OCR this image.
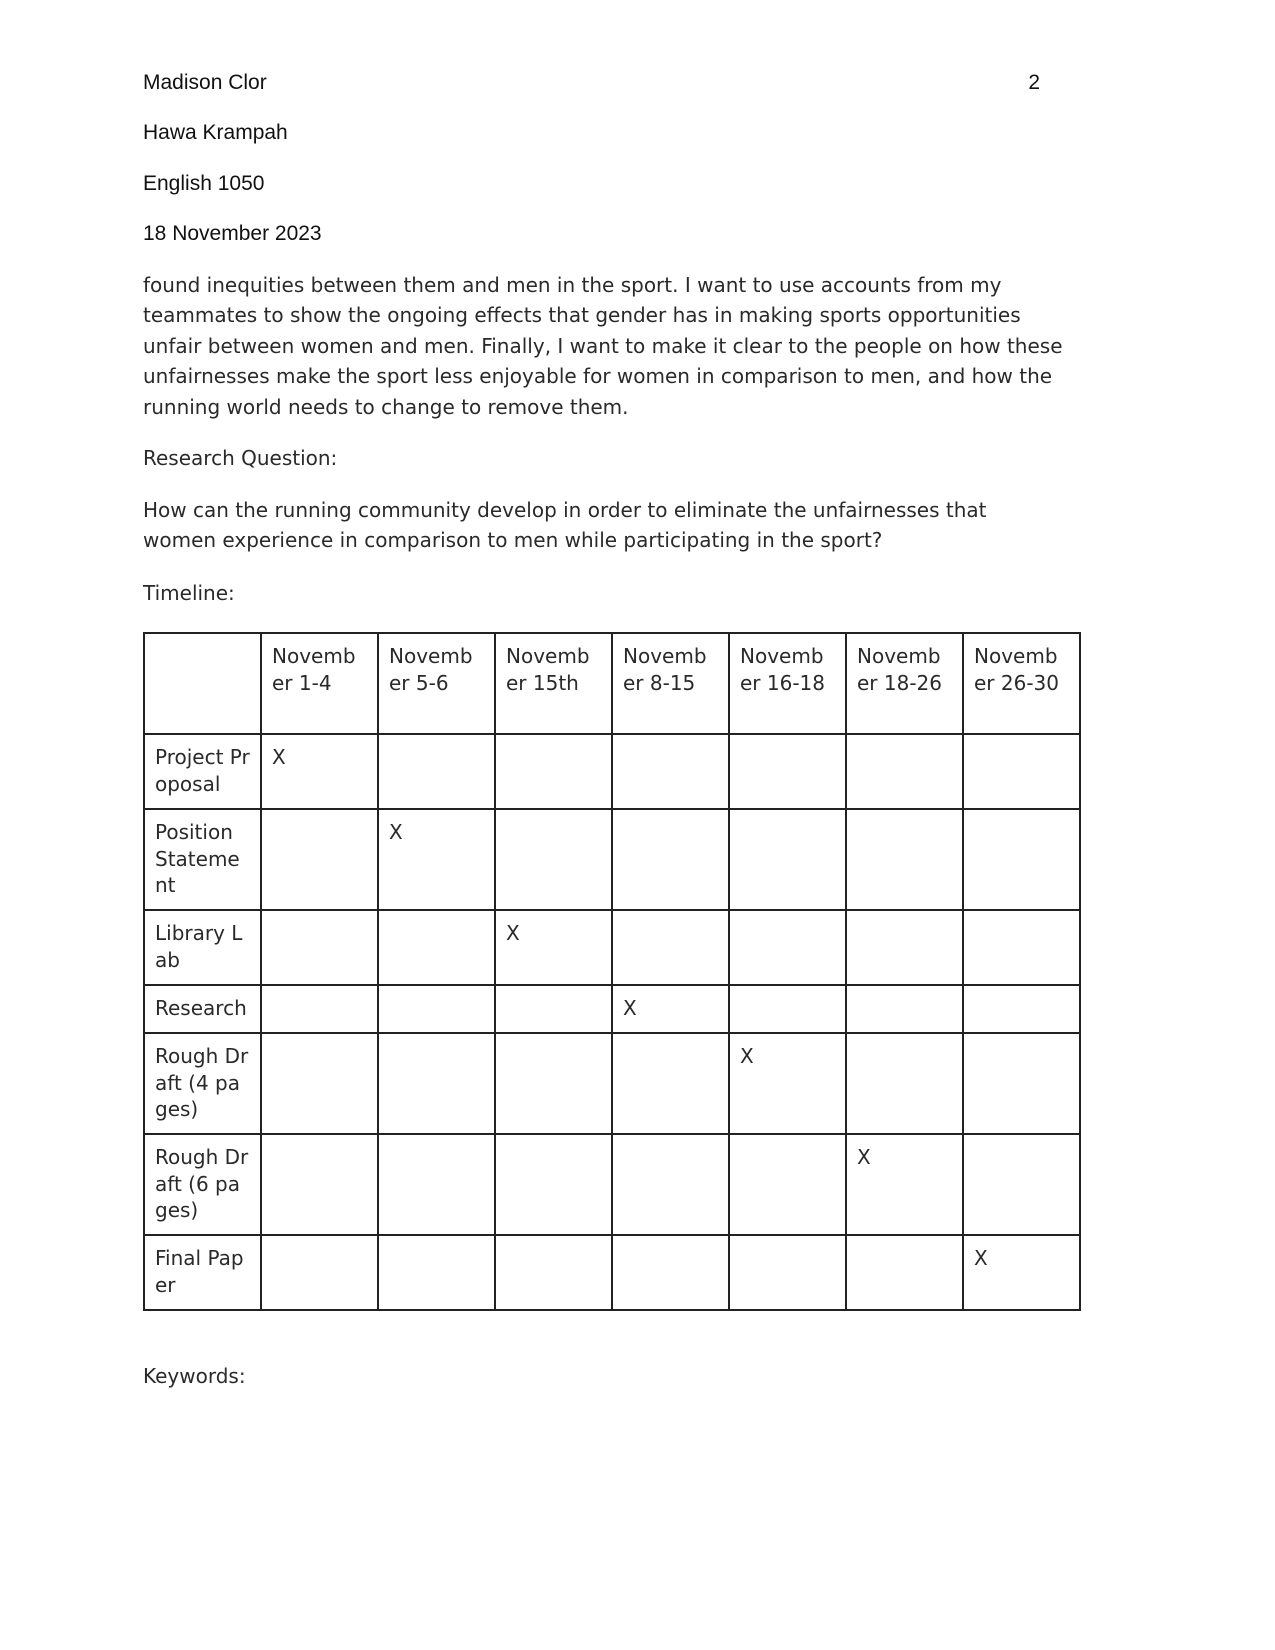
Madison Clor	2
Hawa Krampah
English 1050
18 November 2023

found inequities between them and men in the sport. I want to use accounts from my teammates to show the ongoing effects that gender has in making sports opportunities unfair between women and men. Finally, I want to make it clear to the people on how these unfairnesses make the sport less enjoyable for women in comparison to men, and how the running world needs to change to remove them.

Research Question:

How can the running community develop in order to eliminate the unfairnesses that women experience in comparison to men while participating in the sport?

Timeline:

	November 1-4	November 5-6	November 15th	November 8-15	November 16-18	November 18-26	November 26-30
Project Proposal	X						
Position Statement		X					
Library Lab			X				
Research				X			
Rough Draft (4 pages)					X		
Rough Draft (6 pages)						X	
Final Paper							X

Keywords:
